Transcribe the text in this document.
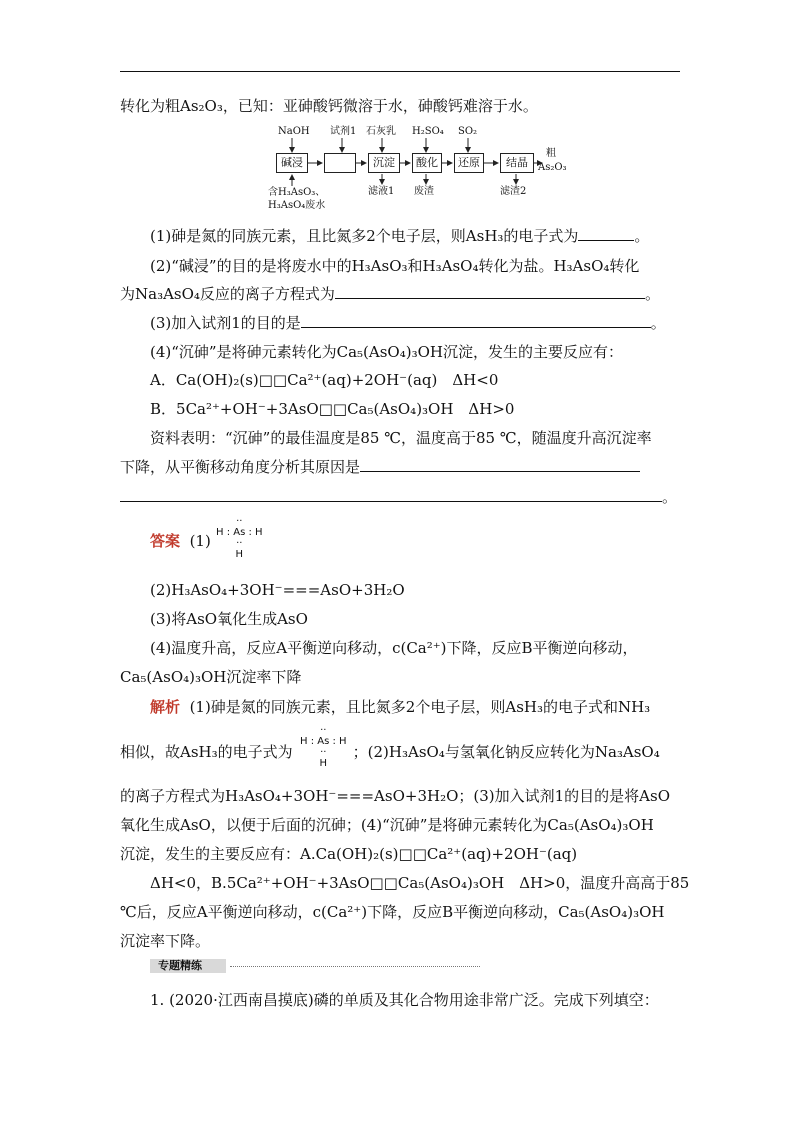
转化为粗As₂O₃，已知：亚砷酸钙微溶于水，砷酸钙难溶于水。
NaOH 试剂1 石灰乳 H₂SO₄ SO₂
碱浸	沉淀	酸化	还原	结晶
粗
As₂O₃
滤液1 废渣	滤渣2
含H₃AsO₃、
H₃AsO₄废水
(1)砷是氮的同族元素，且比氮多2个电子层，则AsH₃的电子式为	。
(2)“碱浸”的目的是将废水中的H₃AsO₃和H₃AsO₄转化为盐。H₃AsO₄转化
为Na₃AsO₄反应的离子方程式为	。
(3)加入试剂1的目的是	。
(4)“沉砷”是将砷元素转化为Ca₅(AsO₄)₃OH沉淀，发生的主要反应有：
A．Ca(OH)₂(s)□□Ca²⁺(aq)+2OH⁻(aq)　ΔH<0
B．5Ca²⁺+OH⁻+3AsO□□Ca₅(AsO₄)₃OH　ΔH>0
资料表明：“沉砷”的最佳温度是85 ℃，温度高于85 ℃，随温度升高沉淀率
下降，从平衡移动角度分析其原因是
。
答案 (1)
··
H : As : H
··
H
(2)H₃AsO₄+3OH⁻===AsO+3H₂O
(3)将AsO氧化生成AsO
(4)温度升高，反应A平衡逆向移动，c(Ca²⁺)下降，反应B平衡逆向移动，
Ca₅(AsO₄)₃OH沉淀率下降
解析 (1)砷是氮的同族元素，且比氮多2个电子层，则AsH₃的电子式和NH₃
相似，故AsH₃的电子式为	；(2)H₃AsO₄与氢氧化钠反应转化为Na₃AsO₄
··
H : As : H
··
H
的离子方程式为H₃AsO₄+3OH⁻===AsO+3H₂O；(3)加入试剂1的目的是将AsO
氧化生成AsO，以便于后面的沉砷；(4)“沉砷”是将砷元素转化为Ca₅(AsO₄)₃OH
沉淀，发生的主要反应有：A.Ca(OH)₂(s)□□Ca²⁺(aq)+2OH⁻(aq)
ΔH<0，B.5Ca²⁺+OH⁻+3AsO□□Ca₅(AsO₄)₃OH　ΔH>0，温度升高高于85
℃后，反应A平衡逆向移动，c(Ca²⁺)下降，反应B平衡逆向移动，Ca₅(AsO₄)₃OH
沉淀率下降。
专题精练
1. (2020·江西南昌摸底)磷的单质及其化合物用途非常广泛。完成下列填空：
